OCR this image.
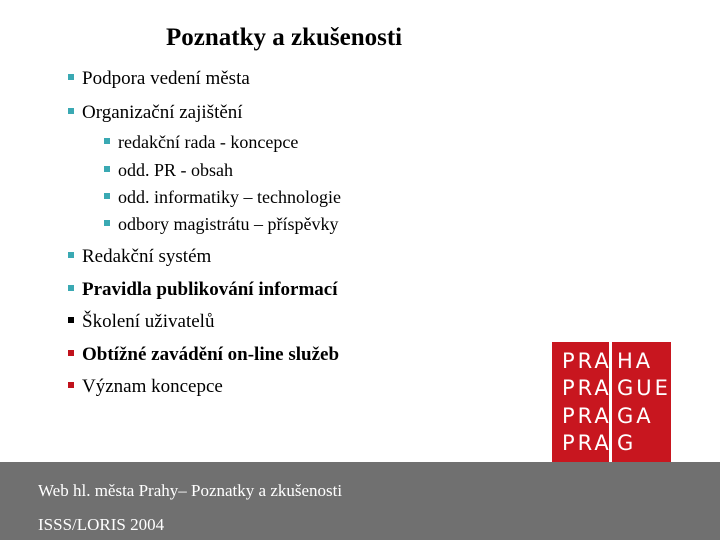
Poznatky a zkušenosti
Podpora vedení města
Organizační zajištění
redakční rada - koncepce
odd. PR - obsah
odd. informatiky – technologie
odbory magistrátu – příspěvky
Redakční systém
Pravidla publikování informací
Školení uživatelů
Obtížné zavádění on-line služeb
Význam koncepce
PRA
PRA
PRA
PRA
HA
GUE
GA
G
Web hl. města Prahy– Poznatky a zkušenosti
ISSS/LORIS 2004
